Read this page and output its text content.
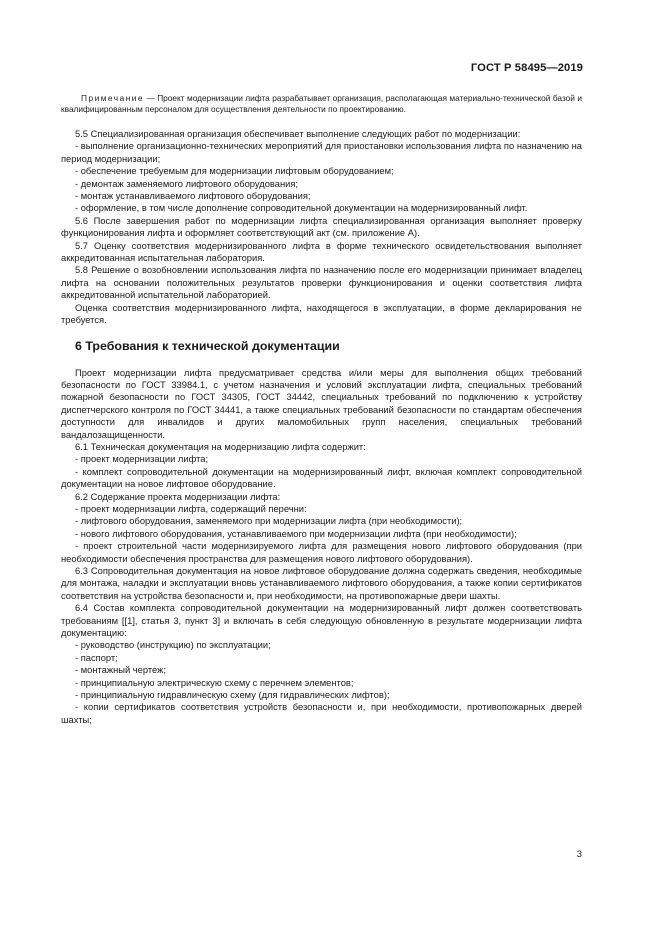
ГОСТ Р 58495—2019

Примечание — Проект модернизации лифта разрабатывает организация, располагающая материально-технической базой и квалифицированным персоналом для осуществления деятельности по проектированию.

5.5 Специализированная организация обеспечивает выполнение следующих работ по модернизации:

- выполнение организационно-технических мероприятий для приостановки использования лифта по назначению на период модернизации;

- обеспечение требуемым для модернизации лифтовым оборудованием;

- демонтаж заменяемого лифтового оборудования;

- монтаж устанавливаемого лифтового оборудования;

- оформление, в том числе дополнение сопроводительной документации на модернизированный лифт.

5.6 После завершения работ по модернизации лифта специализированная организация выполняет проверку функционирования лифта и оформляет соответствующий акт (см. приложение А).

5.7 Оценку соответствия модернизированного лифта в форме технического освидетельствования выполняет аккредитованная испытательная лаборатория.

5.8 Решение о возобновлении использования лифта по назначению после его модернизации принимает владелец лифта на основании положительных результатов проверки функционирования и оценки соответствия лифта аккредитованной испытательной лабораторией.

Оценка соответствия модернизированного лифта, находящегося в эксплуатации, в форме декларирования не требуется.

6 Требования к технической документации

Проект модернизации лифта предусматривает средства и/или меры для выполнения общих требований безопасности по ГОСТ 33984.1, с учетом назначения и условий эксплуатации лифта, специальных требований пожарной безопасности по ГОСТ 34305, ГОСТ 34442, специальных требований по подключению к устройству диспетчерского контроля по ГОСТ 34441, а также специальных требований безопасности по стандартам обеспечения доступности для инвалидов и других маломобильных групп населения, специальных требований вандалозащищенности.

6.1 Техническая документация на модернизацию лифта содержит:

- проект модернизации лифта;

- комплект сопроводительной документации на модернизированный лифт, включая комплект сопроводительной документации на новое лифтовое оборудование.

6.2 Содержание проекта модернизации лифта:

- проект модернизации лифта, содержащий перечни:

- лифтового оборудования, заменяемого при модернизации лифта (при необходимости);

- нового лифтового оборудования, устанавливаемого при модернизации лифта (при необходимости);

- проект строительной части модернизируемого лифта для размещения нового лифтового оборудования (при необходимости обеспечения пространства для размещения нового лифтового оборудования).

6.3 Сопроводительная документация на новое лифтовое оборудование должна содержать сведения, необходимые для монтажа, наладки и эксплуатации вновь устанавливаемого лифтового оборудования, а также копии сертификатов соответствия на устройства безопасности и, при необходимости, на противопожарные двери шахты.

6.4 Состав комплекта сопроводительной документации на модернизированный лифт должен соответствовать требованиям [[1], статья 3, пункт 3] и включать в себя следующую обновленную в результате модернизации лифта документацию:

- руководство (инструкцию) по эксплуатации;

- паспорт;

- монтажный чертеж;

- принципиальную электрическую схему с перечнем элементов;

- принципиальную гидравлическую схему (для гидравлических лифтов);

- копии сертификатов соответствия устройств безопасности и, при необходимости, противопожарных дверей шахты;

3
